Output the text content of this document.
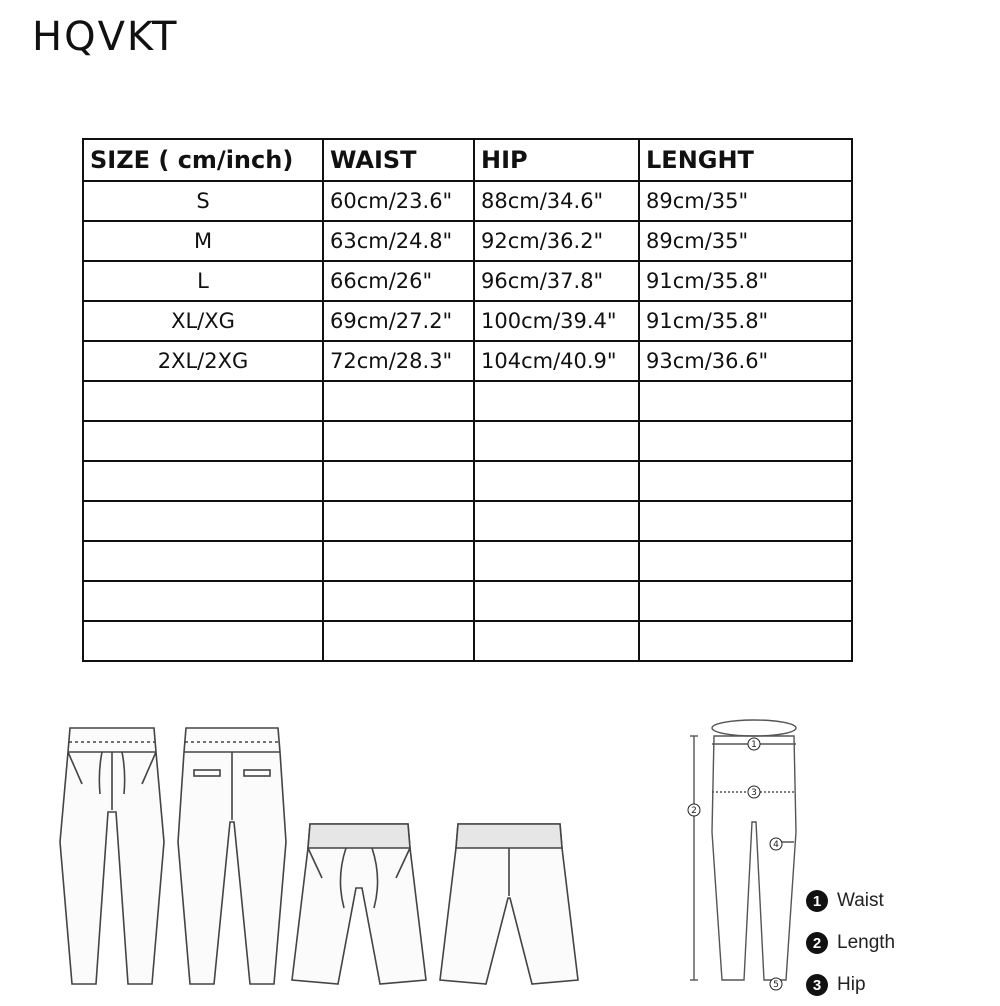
HQVKT
SIZE ( cm/inch)	WAIST	HIP	LENGHT
S	60cm/23.6"	88cm/34.6"	89cm/35"
M	63cm/24.8"	92cm/36.2"	89cm/35"
L	66cm/26"	96cm/37.8"	91cm/35.8"
XL/XG	69cm/27.2"	100cm/39.4"	91cm/35.8"
2XL/2XG	72cm/28.3"	104cm/40.9"	93cm/36.6"

1
2
3
4
5
1 Waist
2 Length
3 Hip
